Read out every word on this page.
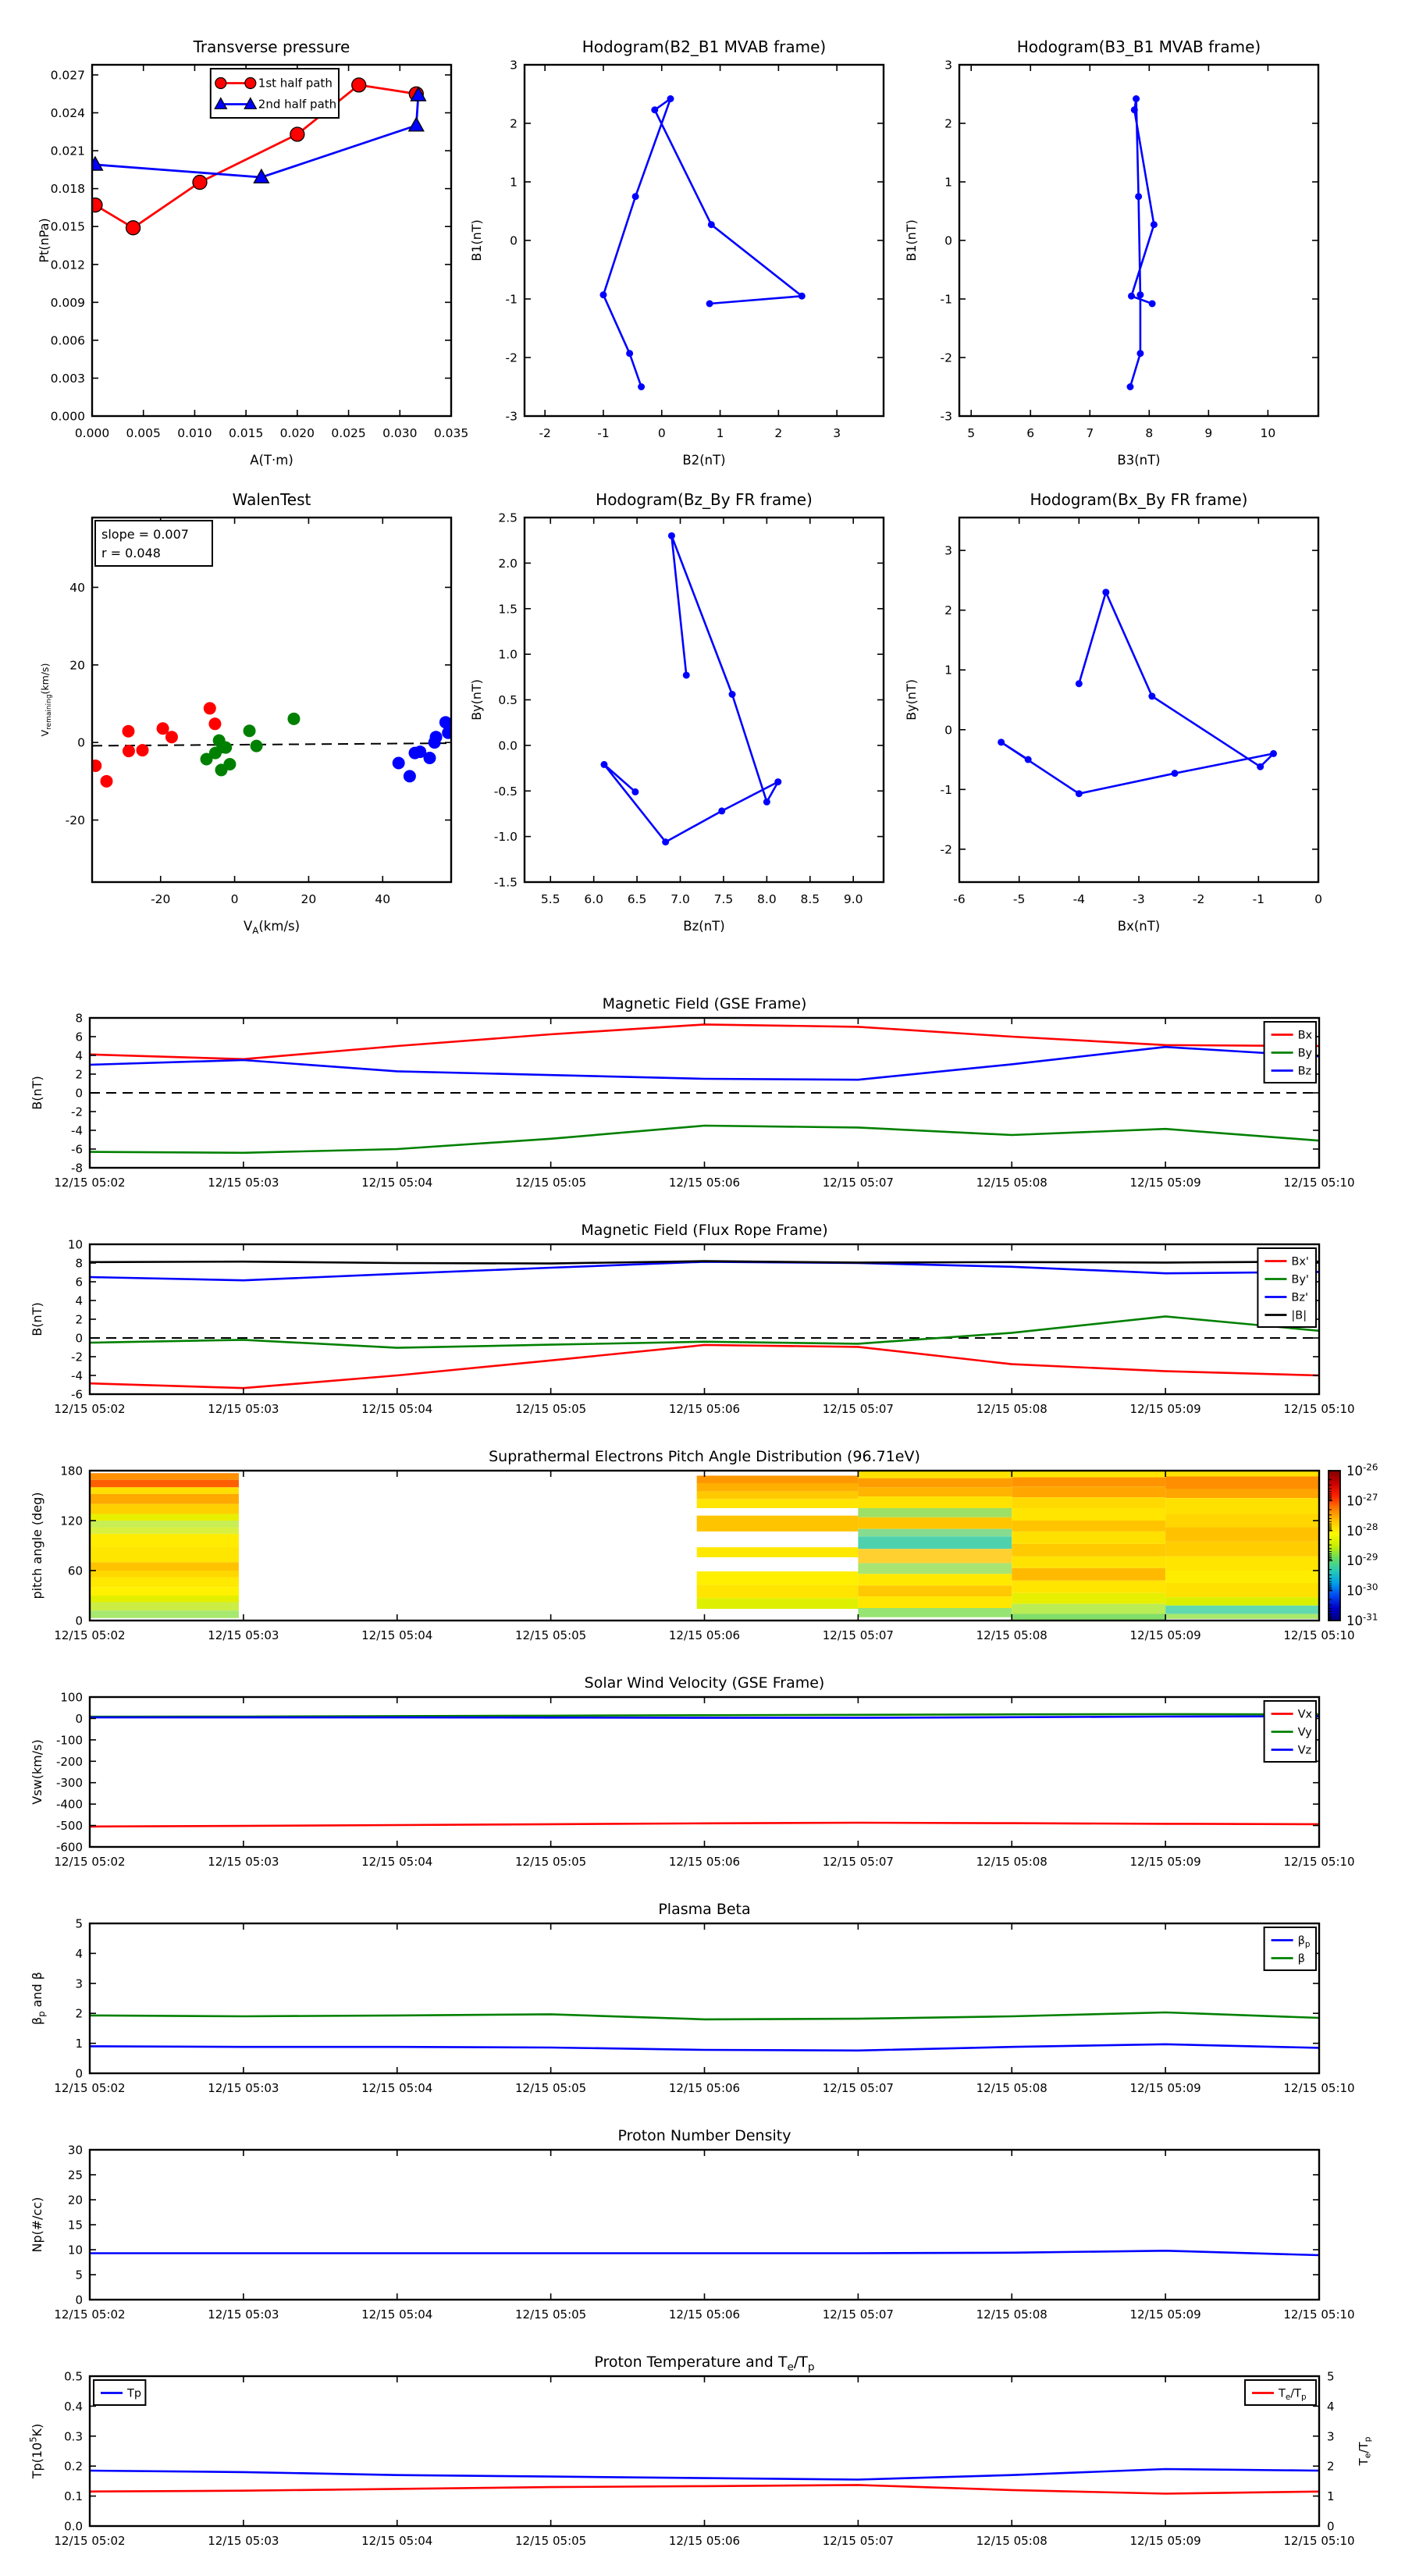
0.000 0.005 0.010 0.015 0.020 0.025 0.030 0.035
0.000
0.003
0.006
0.009
0.012
0.015
0.018
0.021
0.024
0.027
Transverse pressure
A(T·m)
Pt(nPa)
1st half path
2nd half path
-2	-1	0	1	2	3
-3
-2
-1
0
1
2
3
Hodogram(B2_B1 MVAB frame)
B2(nT)
B1(nT)
5	6	7	8	9	10
-3
-2
-1
0
1
2
3
Hodogram(B3_B1 MVAB frame)
B3(nT)
B1(nT)
-20	0	20	40
-20
0
20
40
WalenTest
$V_A(km/s)$
$V_{remaining}(km/s)$
slope = 0.007
r = 0.048
5.5 6.0 6.5 7.0 7.5 8.0 8.5 9.0
-1.5
-1.0
-0.5
0.0
0.5
1.0
1.5
2.0
2.5
Hodogram(Bz_By FR frame)
Bz(nT)
By(nT)
-6	-5	-4	-3	-2	-1	0
-2
-1
0
1
2
3
Hodogram(Bx_By FR frame)
Bx(nT)
By(nT)
12/15 05:02	12/15 05:03	12/15 05:04	12/15 05:05	12/15 05:06	12/15 05:07	12/15 05:08	12/15 05:09	12/15 05:10
-8
-6
-4
-2
0
2
4
6
8
Magnetic Field (GSE Frame)
B(nT)
Bx
By
Bz
12/15 05:02	12/15 05:03	12/15 05:04	12/15 05:05	12/15 05:06	12/15 05:07	12/15 05:08	12/15 05:09	12/15 05:10
-6
-4
-2
0
2
4
6
8
10
Magnetic Field (Flux Rope Frame)
B(nT)
Bx'
By'
Bz'
|B|
12/15 05:02	12/15 05:03	12/15 05:04	12/15 05:05	12/15 05:06	12/15 05:07	12/15 05:08	12/15 05:09	12/15 05:10
0
60
120
180
Suprathermal Electrons Pitch Angle Distribution (96.71eV)
pitch angle (deg)
$10^{-26}$
$10^{-27}$
$10^{-28}$
$10^{-29}$
$10^{-30}$
$10^{-31}$
12/15 05:02	12/15 05:03	12/15 05:04	12/15 05:05	12/15 05:06	12/15 05:07	12/15 05:08	12/15 05:09	12/15 05:10
-600
-500
-400
-300
-200
-100
0
100
Solar Wind Velocity (GSE Frame)
Vsw(km/s)
Vx
Vy
Vz
12/15 05:02	12/15 05:03	12/15 05:04	12/15 05:05	12/15 05:06	12/15 05:07	12/15 05:08	12/15 05:09	12/15 05:10
0
1
2
3
4
5
Plasma Beta
$\beta_p$ and β
$\beta_p$
β
12/15 05:02	12/15 05:03	12/15 05:04	12/15 05:05	12/15 05:06	12/15 05:07	12/15 05:08	12/15 05:09	12/15 05:10
0
5
10
15
20
25
30
Proton Number Density
Np(#/cc)
12/15 05:02	12/15 05:03	12/15 05:04	12/15 05:05	12/15 05:06	12/15 05:07	12/15 05:08	12/15 05:09	12/15 05:10
0.0
0.1
0.2
0.3
0.4
0.5
0
1
2
3
4
5
$T_e/T_p$
Proton Temperature and $T_e/T_p$
$Tp(10^5K)$
Tp	$T_e/T_p$
